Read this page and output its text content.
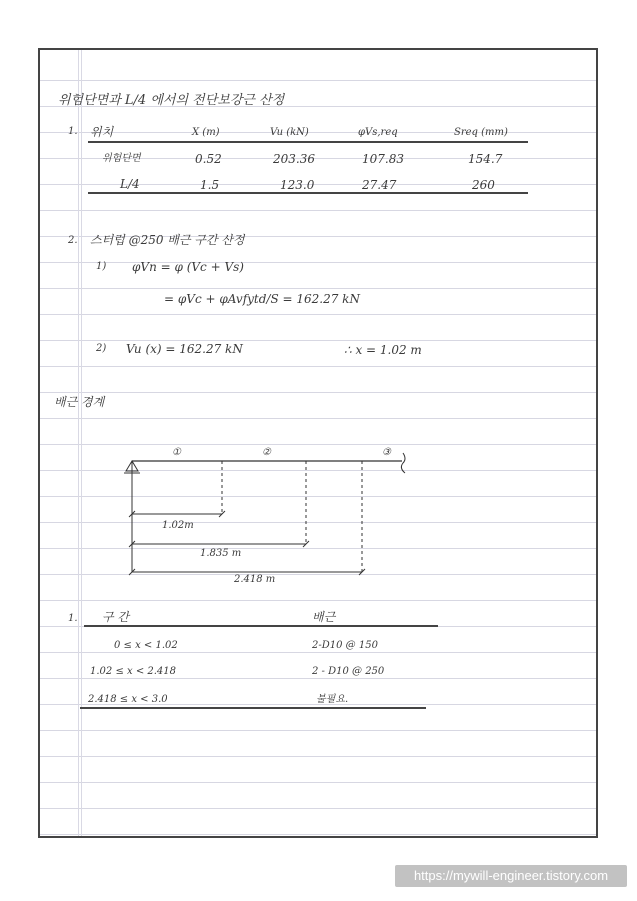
위험단면과 L/4 에서의 전단보강근 산정
1. 위치	X (m)	Vu (kN)	φVs,req	Sreq (mm)
위험단면	0.52	203.36	107.83	154.7
L/4	1.5	123.0	27.47	260
2. 스터럽 @250 배근 구간 산정
1) φVn = φ (Vc + Vs)
= φVc + φAvfytd/S = 162.27 kN
2) Vu (x) = 162.27 kN	∴ x = 1.02 m
배근 경계
①	②	③
1.02m
1.835 m
2.418 m
1. 구 간	배근
0 ≤ x < 1.02	2-D10 @ 150
1.02 ≤ x < 2.418	2 - D10 @ 250
2.418 ≤ x < 3.0	불필요.
https://mywill-engineer.tistory.com
